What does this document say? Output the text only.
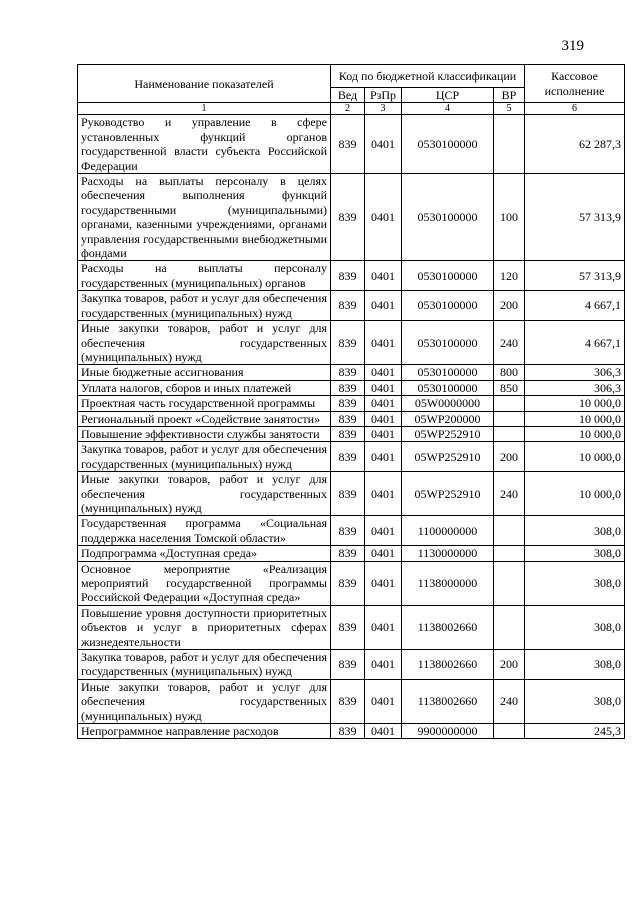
319
Наименование показателей	Код по бюджетной классификации				Кассовое исполнение
	Вед	РзПр	ЦСР	ВР	
1	2	3	4	5	6
Руководство и управление в сфере установленных функций органов государственной власти субъекта Российской Федерации	839	0401	0530100000		62 287,3
Расходы на выплаты персоналу в целях обеспечения выполнения функций государственными (муниципальными) органами, казенными учреждениями, органами управления государственными внебюджетными фондами	839	0401	0530100000	100	57 313,9
Расходы на выплаты персоналу государственных (муниципальных) органов	839	0401	0530100000	120	57 313,9
Закупка товаров, работ и услуг для обеспечения государственных (муниципальных) нужд	839	0401	0530100000	200	4 667,1
Иные закупки товаров, работ и услуг для обеспечения государственных (муниципальных) нужд	839	0401	0530100000	240	4 667,1
Иные бюджетные ассигнования	839	0401	0530100000	800	306,3
Уплата налогов, сборов и иных платежей	839	0401	0530100000	850	306,3
Проектная часть государственной программы	839	0401	05W0000000		10 000,0
Региональный проект «Содействие занятости»	839	0401	05WP200000		10 000,0
Повышение эффективности службы занятости	839	0401	05WP252910		10 000,0
Закупка товаров, работ и услуг для обеспечения государственных (муниципальных) нужд	839	0401	05WP252910	200	10 000,0
Иные закупки товаров, работ и услуг для обеспечения государственных (муниципальных) нужд	839	0401	05WP252910	240	10 000,0
Государственная программа «Социальная поддержка населения Томской области»	839	0401	1100000000		308,0
Подпрограмма «Доступная среда»	839	0401	1130000000		308,0
Основное мероприятие «Реализация мероприятий государственной программы Российской Федерации «Доступная среда»	839	0401	1138000000		308,0
Повышение уровня доступности приоритетных объектов и услуг в приоритетных сферах жизнедеятельности	839	0401	1138002660		308,0
Закупка товаров, работ и услуг для обеспечения государственных (муниципальных) нужд	839	0401	1138002660	200	308,0
Иные закупки товаров, работ и услуг для обеспечения государственных (муниципальных) нужд	839	0401	1138002660	240	308,0
Непрограммное направление расходов	839	0401	9900000000		245,3
